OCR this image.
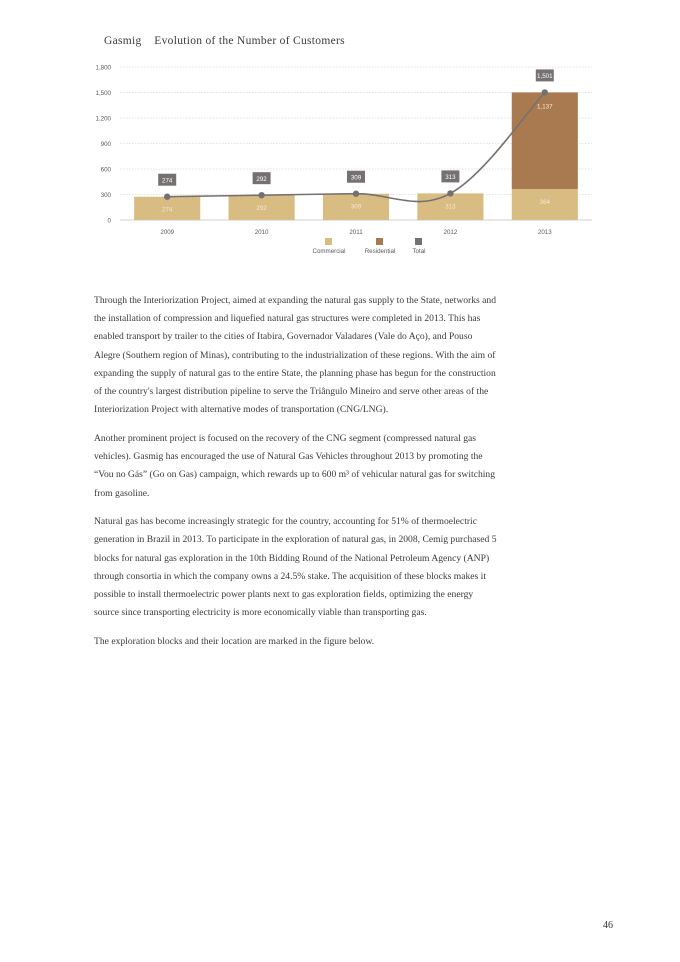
Gasmig    Evolution of the Number of Customers
0
300
600
900
1,200
1,500
1,800
2009	2010	2011	2012	2013
274	292	309	313
364
1,137
274	292	309	313
1,501
Commercial	Residential	Total

Through the Interiorization Project, aimed at expanding the natural gas supply to the State, networks and the installation of compression and liquefied natural gas structures were completed in 2013. This has enabled transport by trailer to the cities of Itabira, Governador Valadares (Vale do Aço), and Pouso Alegre (Southern region of Minas), contributing to the industrialization of these regions. With the aim of expanding the supply of natural gas to the entire State, the planning phase has begun for the construction of the country's largest distribution pipeline to serve the Triângulo Mineiro and serve other areas of the Interiorization Project with alternative modes of transportation (CNG/LNG).

Another prominent project is focused on the recovery of the CNG segment (compressed natural gas vehicles). Gasmig has encouraged the use of Natural Gas Vehicles throughout 2013 by promoting the “Vou no Gás” (Go on Gas) campaign, which rewards up to 600 m³ of vehicular natural gas for switching from gasoline.

Natural gas has become increasingly strategic for the country, accounting for 51% of thermoelectric generation in Brazil in 2013. To participate in the exploration of natural gas, in 2008, Cemig purchased 5 blocks for natural gas exploration in the 10th Bidding Round of the National Petroleum Agency (ANP) through consortia in which the company owns a 24.5% stake. The acquisition of these blocks makes it possible to install thermoelectric power plants next to gas exploration fields, optimizing the energy source since transporting electricity is more economically viable than transporting gas.

The exploration blocks and their location are marked in the figure below.

46
